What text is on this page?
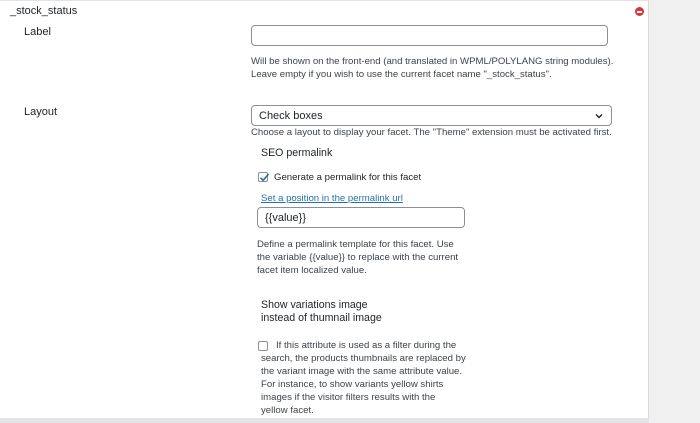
_stock_status
Label
Will be shown on the front-end (and translated in WPML/POLYLANG string modules).
Leave empty if you wish to use the current facet name "_stock_status".
Layout	Check boxes
Choose a layout to display your facet. The "Theme" extension must be activated first.
SEO permalink
Generate a permalink for this facet
Set a position in the permalink url
{{value}}
Define a permalink template for this facet. Use
the variable {{value}} to replace with the current
facet item localized value.
Show variations image
instead of thumnail image
If this attribute is used as a filter during the
search, the products thumbnails are replaced by
the variant image with the same attribute value.
For instance, to show variants yellow shirts
images if the visitor filters results with the
yellow facet.
